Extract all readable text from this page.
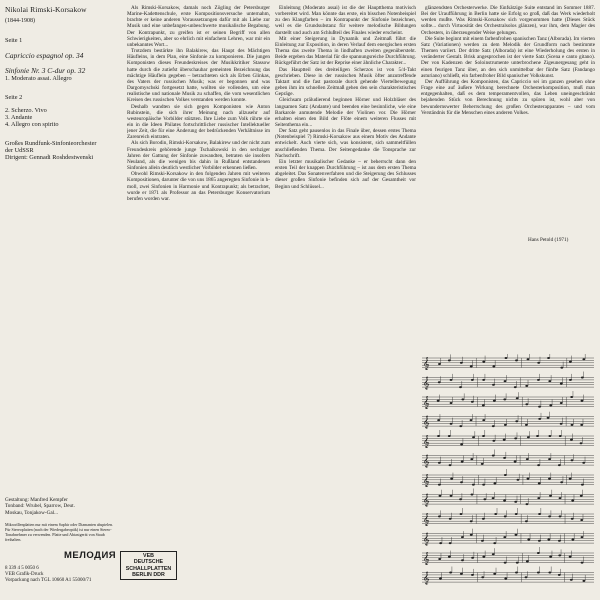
Nikolai Rimski-Korsakow
(1844-1908)
Seite 1
Capriccio espagnol op. 34
Sinfonie Nr. 3 C-dur op. 32
1. Moderato assai. Allegro
Seite 2
2. Scherzo. Vivo
3. Andante
4. Allegro con spirito
Großes Rundfunk-Sinfonieorchester
der UdSSR
Dirigent: Gennadi Roshdestwenski
Gestaltung: Manfred Kempfer
Tonband: Wrubel, Sparrow, Deut.
Moskau, Tonjakow-Gal...
Mikrorillenplatten nur mit einem Saphir oder Diamanten abspielen. Für Stereoplatten (nach der Wiedergabeoptik) ist nur einen Stereo-Tonabnehmer zu verwenden. Platte und Abtastgerät von Staub freihalten.
МЕЛОДИЯ
8 339 4 5 0050 6
VEB Grafik-Druck
Vorpackung nach TGL 10660 A1 55000/71
VEB
DEUTSCHE
SCHALLPLATTEN
BERLIN DDR

Als Rimski-Korsakow, damals noch Zögling der Petersburger Marine-Kadettenschule, erste Kompositionsversuche unternahm, brachte er keine anderen Voraussetzungen dafür mit als Liebe zur Musik und eine unbefangen-unbeschwerte musikalische Begabung. Der Kontrapunkt, zu greifen ist er seinen Begriff von allen Schwierigkeiten, aber so ehrlich mit einfachem Lehren, war mir ein unbekanntes Wort...

Trotzdem bestärkte ihn Balakirew, das Haupt des Mächtigen Häufleins, in dem Plan, eine Sinfonie zu komponieren. Die jungen Komponisten dieses Freundeskreises der Musikkritiker Stassow hatte durch die zutiefst überschaubar gemeinten Bezeichnung das mächtige Häuflein gegeben – betrachteten sich als Erben Glinkas, des Vaters der russischen Musik; was er begonnen und was Dargomyschski fortgesetzt hatte, wollten sie vollenden, um eine realistische und nationale Musik zu schaffen, die vom wesentlichen Kreisen des russischen Volkes verstanden werden konnte.

Deshalb wandten sie sich gegen Komponisten wie Anton Rubinstein, die sich ihrer Meinung nach allzusehr auf westeuropäische Vorbilder stützten. Ihre Liebe zum Volk rührte sie ein in die Ideen Philates fortschrittlicher russischer Intellektueller jener Zeit, die für eine Änderung der bedrückenden Verhältnisse im Zarenreich eintraten.

Als sich Borodin, Rimski-Korsakow, Balakirew und der nicht zum Freundeskreis gehörende junge Tschaikowski in den sechziger Jahren der Gattung der Sinfonie zuwandten, betraten sie insofern Neuland, als die wenigen bis dahin in Rußland entstandenen Sinfonien allein deutlich westlicher Vorbilder erkennen ließen.

Obwohl Rimski-Korsakow in den folgenden Jahren mit weiteren Kompositionen, darunter die von uns 1865 angeregten Sinfonie in h-moll, zwei Sinfonien in Harmonie und Kontrapunkt; als betrachtet, wurde er 1871 als Professor an das Petersburger Konservatorium berufen worden war.

Einleitung (Moderato assai) ist die der Hauptthema motivisch vorbereitet wird. Man könnte das erste, ein bisschen Notenbeispiel zu den Klangfarben – im Kontrapunkt der Sinfonie bezeichnen, weil es die Grundsubstanz für weitere melodische Bildungen darstellt und auch am Schlußteil des Finales wieder erscheint.

Mit einer Steigerung in Dynamik und Zeitmaß führt die Einleitung zur Exposition, in deren Verlauf dem energischen ersten Thema das zweite Thema in lindhaften zweiten gegenübersteht. Beide ergeben das Material für die spannungsreiche Durchführung. Rückgeführt der Satz ist der Reprise einer ähnliche Charakter...

Das Hauptteil des dreiteiligen Scherzos ist von 5/4-Takt geschrieben. Diese in der russischen Musik öfter anzutreffende Taktart und die fast pastorale durch gehende Viertelbewegung geben ihm im schnellen Zeitmaß gehen den sein charakteristisches Gepräge.

Gleichsam präludierend beginnen Hörner und Holzbläser des langsamen Satz (Andante) und beenden eine besinnliche, wie eine Barkarole anmutende Melodie der Violinen vor. Die Hörner erhalten einen den Bild der Flöte einem weiteren Flusses mit Seitenthema ein...

Der Satz geht pausenlos in das Finale über, dessen erstes Thema (Notenbeispiel 7) Rimski-Korsakow aus einem Motiv des Andante entwickelt. Auch vierte sich, was konsistent, sich sammeltfüllen anschließenden Thema. Der Seitengedanke die Tonsprache zur Nachschrift.

Ein letzter musikalischer Gedanke – er beherrscht dann den ersten Teil der knappen Durchführung – ist aus dem ersten Thema abgeleitet. Das Sonatenverfahren und die Steigerung des Schlusses dieser großen Sinfonie befinden sich auf der Gesamtheit vor Beginn und Schlüssel...

glänzendsten Orchesterwerke. Die fünfsätzige Suite entstand im Sommer 1887. Bei der Uraufführung in Berlin hatte sie Erfolg so groß, daß das Werk wiederholt werden mußte. Was Rimski-Korsakow sich vorgenommen hatte (Dieses Stück sollte... durch Virtuosität des Orchestralsolos glänzen), war ihm, dem Magier des Orchesters, in überzeugender Weise gelungen.

Die Suite beginnt mit einem farbenfrohen spanischen Tanz (Alborada). Im vierten Satz (Variationen) werden zu dem Melodik der Grundform nach bestimmte Themen variiert. Der dritte Satz (Alborada) ist eine Wiederholung des ersten in veränderter Gestalt. Brisk angesprochen ist der vierte Satz (Scena e canto gitano). Der von Kadenzen der Soloinstrumente unterbrochene Zigeunergesang geht in einen feurigen Tanz über, an den sich unmittelbar der fünfte Satz (Fandango asturiano) schließt, ein farbenfroher Bild spanischer Volkskunst.

Der Aufführung des Komponisten, das Capriccio sei im ganzen gesehen ohne Frage eine auf äußere Wirkung berechnete Orchesterkomposition, muß man entgegenhalten, daß es dem temperamentvollen, das Leben uneingeschränkt bejahenden Stück von Berechnung nichts zu spüren ist, wohl aber von bewundernswerter Beherrschung des großen Orchesterapparates – und vom Verständnis für die Menschen eines anderen Volkes.

Hans Petold (1971)
𝄞
𝄞
𝄞
𝄞
𝄞
𝄞
𝄞
𝄞
𝄞
𝄞
𝄞
𝄞
